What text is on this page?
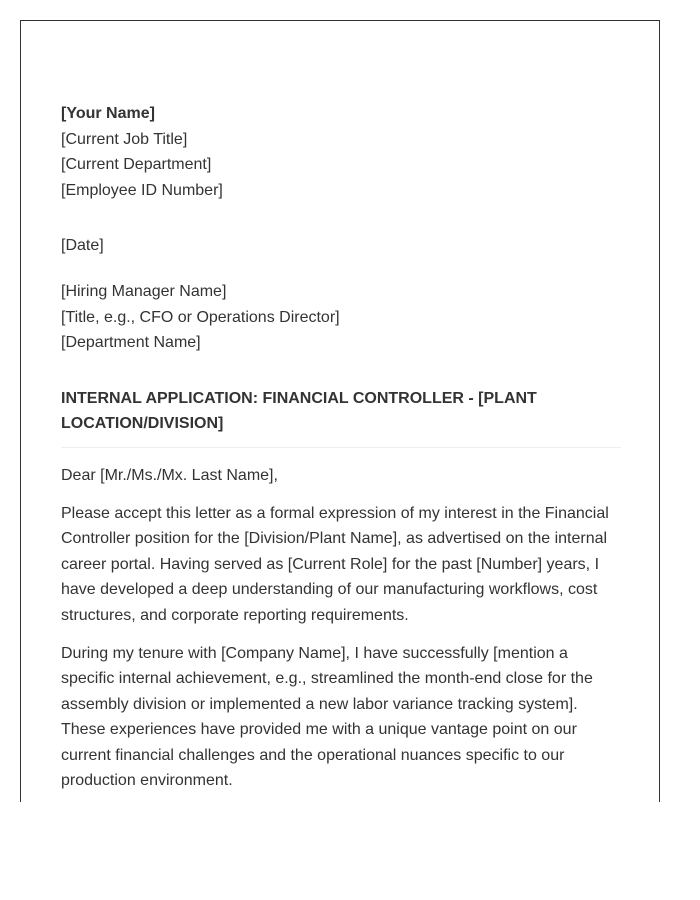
[Your Name]
[Current Job Title]
[Current Department]
[Employee ID Number]
[Date]
[Hiring Manager Name]
[Title, e.g., CFO or Operations Director]
[Department Name]
INTERNAL APPLICATION: FINANCIAL CONTROLLER - [PLANT
LOCATION/DIVISION]
Dear [Mr./Ms./Mx. Last Name],
Please accept this letter as a formal expression of my interest in the Financial
Controller position for the [Division/Plant Name], as advertised on the internal
career portal. Having served as [Current Role] for the past [Number] years, I
have developed a deep understanding of our manufacturing workflows, cost
structures, and corporate reporting requirements.
During my tenure with [Company Name], I have successfully [mention a
specific internal achievement, e.g., streamlined the month-end close for the
assembly division or implemented a new labor variance tracking system].
These experiences have provided me with a unique vantage point on our
current financial challenges and the operational nuances specific to our
production environment.
